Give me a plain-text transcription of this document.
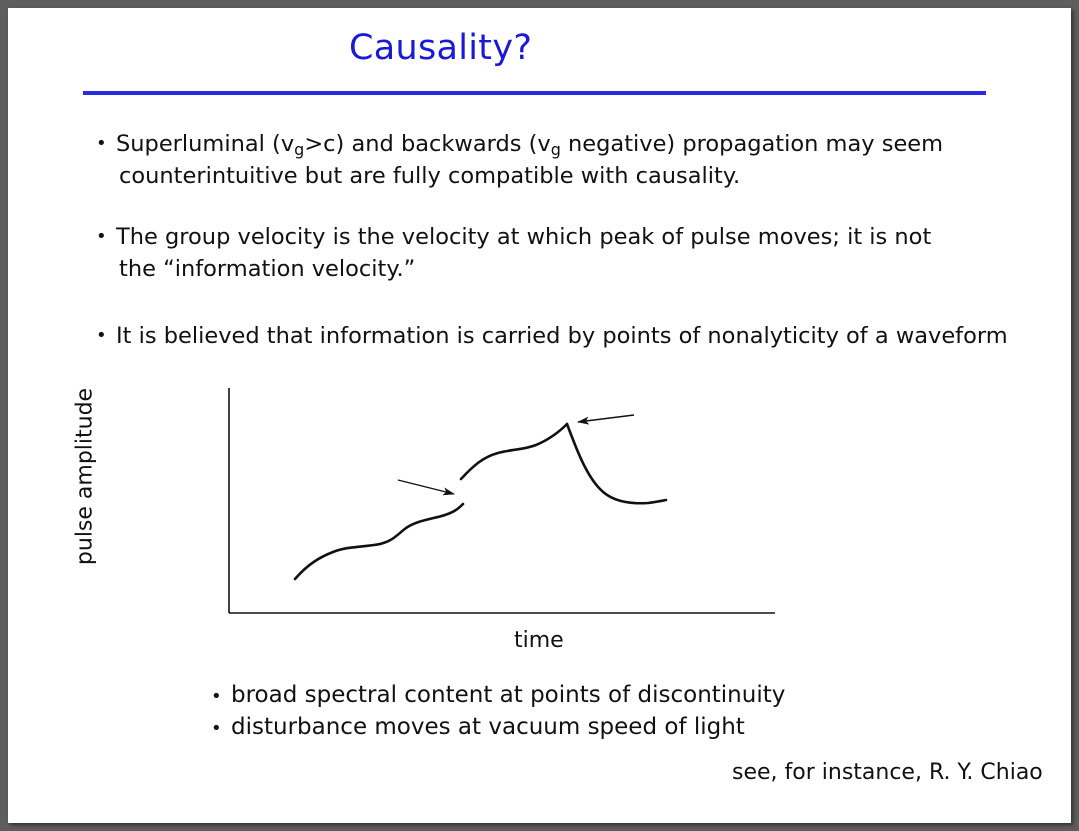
Causality?
• Superluminal $(v_g>c)$ and backwards ($v_g$ negative) propagation may seem
counterintuitive but are fully compatible with causality.
• The group velocity is the velocity at which peak of pulse moves; it is not
the “information velocity.”
• It is believed that information is carried by points of nonalyticity of a waveform
pulse amplitude
time
• broad spectral content at points of discontinuity
• disturbance moves at vacuum speed of light
see, for instance, R. Y. Chiao
